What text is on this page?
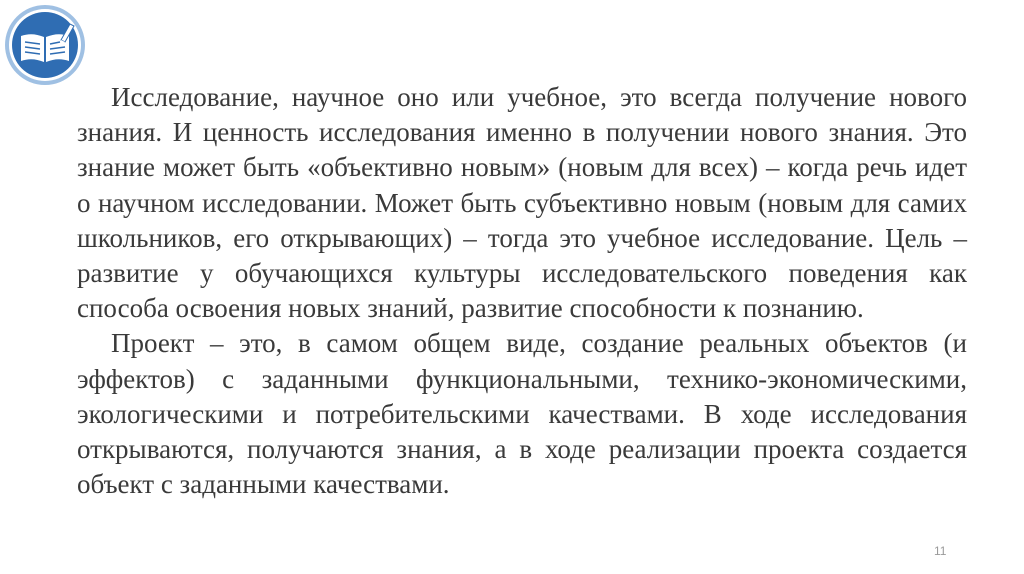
Исследование, научное оно или учебное, это всегда получение нового знания. И ценность исследования именно в получении нового знания. Это знание может быть «объективно новым» (новым для всех) – когда речь идет о научном исследовании. Может быть субъективно новым (новым для самих школьников, его открывающих) – тогда это учебное исследование. Цель – развитие у обучающихся культуры исследовательского поведения как способа освоения новых знаний, развитие способности к познанию.

Проект – это, в самом общем виде, создание реальных объектов (и эффектов) с заданными функциональными, технико-экономическими, экологическими и потребительскими качествами. В ходе исследования открываются, получаются знания, а в ходе реализации проекта создается объект с заданными качествами.

11
